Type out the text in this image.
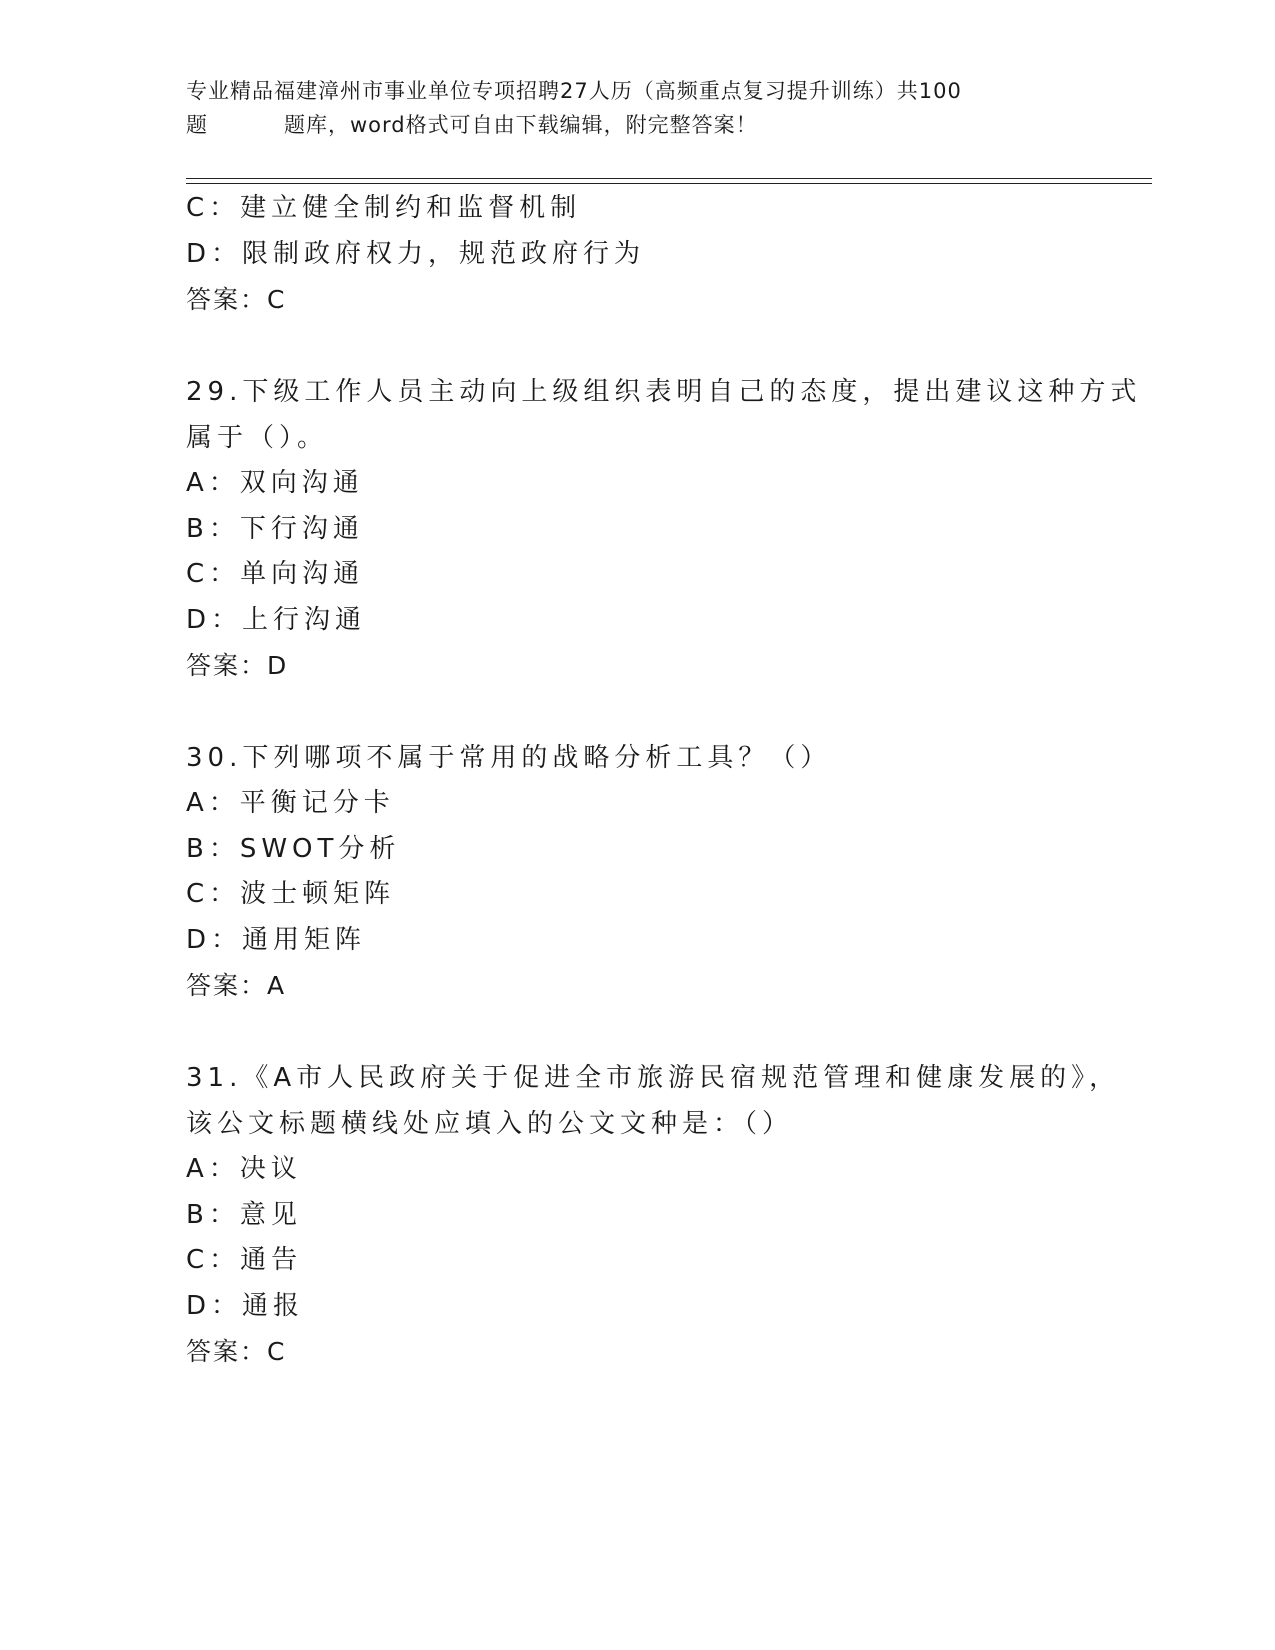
专业精品福建漳州市事业单位专项招聘27人历（高频重点复习提升训练）共100
题	题库，word格式可自由下载编辑，附完整答案！
C：建立健全制约和监督机制
D：限制政府权力，规范政府行为
答案：C
29.下级工作人员主动向上级组织表明自己的态度，提出建议这种方式
属于（）。
A：双向沟通
B：下行沟通
C：单向沟通
D：上行沟通
答案：D
30.下列哪项不属于常用的战略分析工具？（）
A：平衡记分卡
B：SWOT分析
C：波士顿矩阵
D：通用矩阵
答案：A
31.《A市人民政府关于促进全市旅游民宿规范管理和健康发展的》，
该公文标题横线处应填入的公文文种是：（）
A：决议
B：意见
C：通告
D：通报
答案：C
